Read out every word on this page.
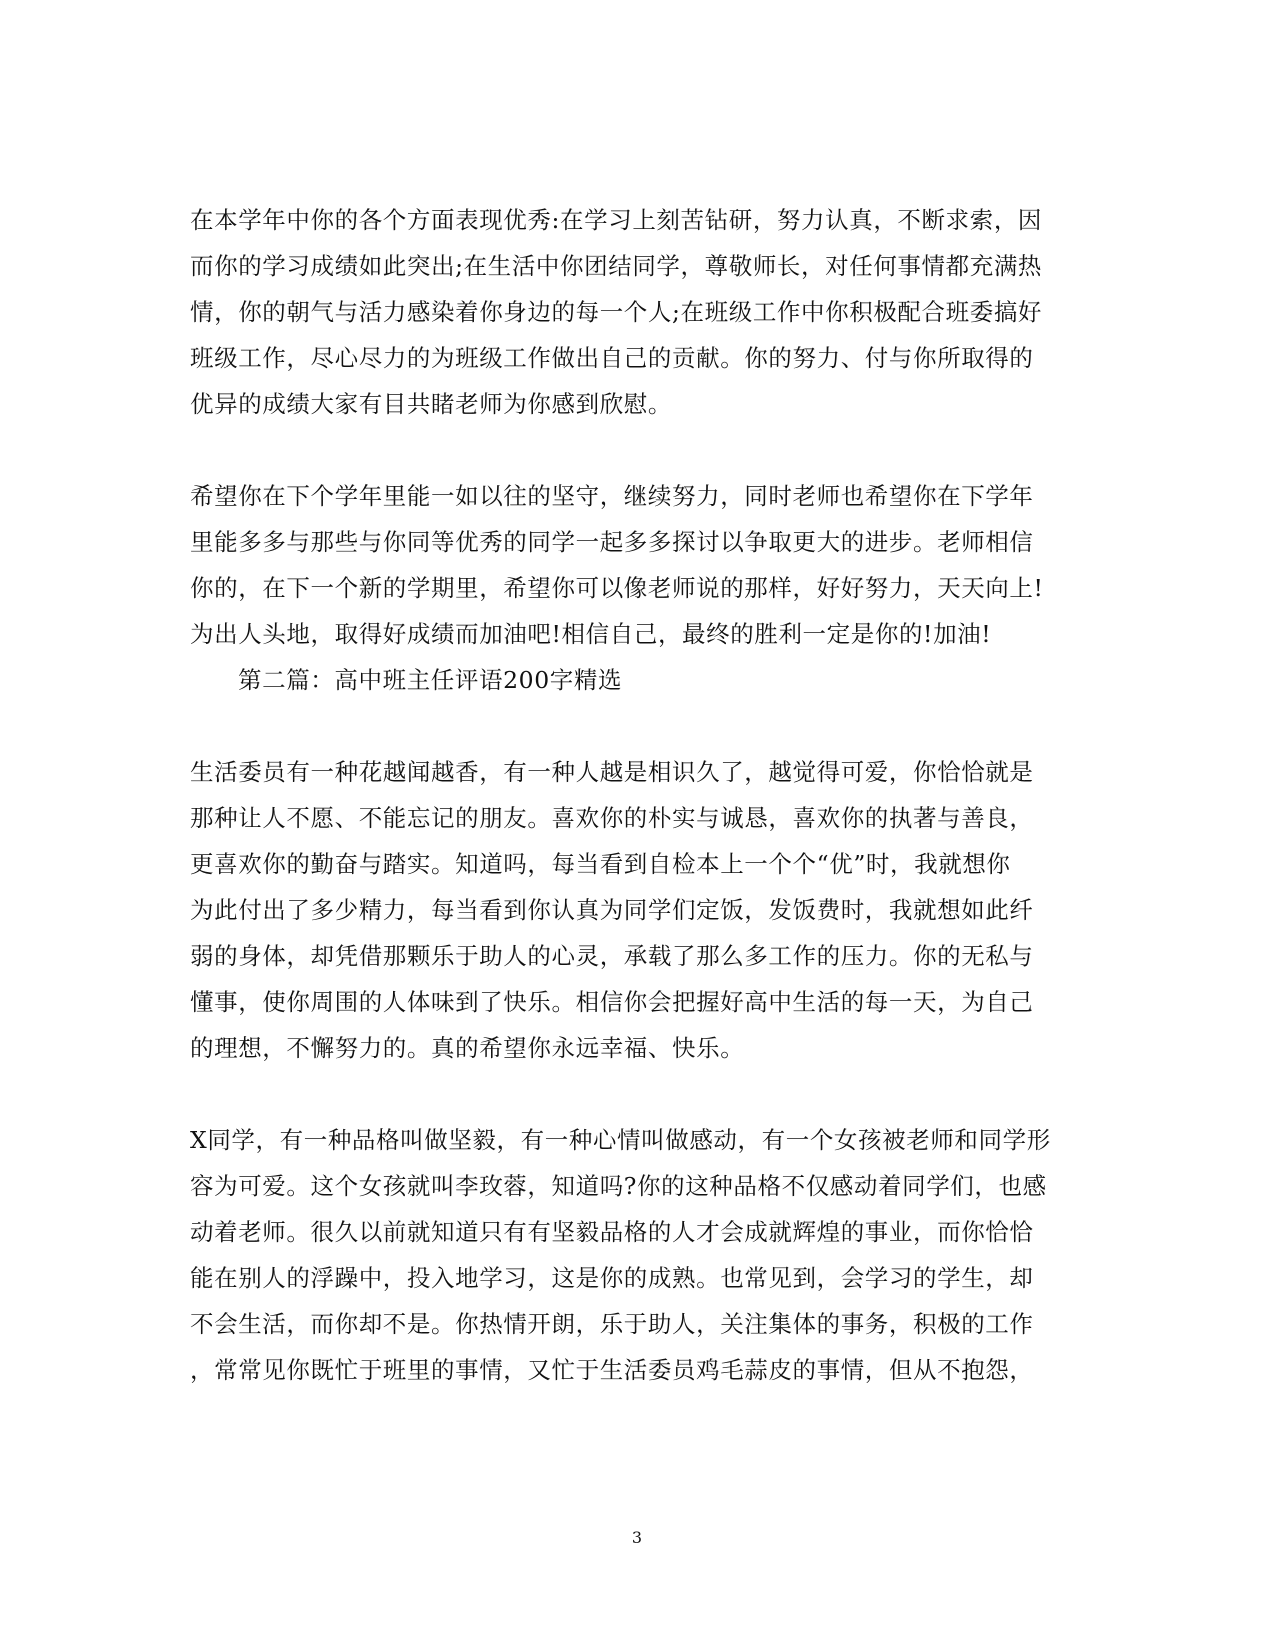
在本学年中你的各个方面表现优秀:在学习上刻苦钻研，努力认真，不断求索，因
而你的学习成绩如此突出;在生活中你团结同学，尊敬师长，对任何事情都充满热
情，你的朝气与活力感染着你身边的每一个人;在班级工作中你积极配合班委搞好
班级工作，尽心尽力的为班级工作做出自己的贡献。你的努力、付与你所取得的
优异的成绩大家有目共睹老师为你感到欣慰。
希望你在下个学年里能一如以往的坚守，继续努力，同时老师也希望你在下学年
里能多多与那些与你同等优秀的同学一起多多探讨以争取更大的进步。老师相信
你的，在下一个新的学期里，希望你可以像老师说的那样，好好努力，天天向上!
为出人头地，取得好成绩而加油吧!相信自己，最终的胜利一定是你的!加油!
第二篇：高中班主任评语200字精选
生活委员有一种花越闻越香，有一种人越是相识久了，越觉得可爱，你恰恰就是
那种让人不愿、不能忘记的朋友。喜欢你的朴实与诚恳，喜欢你的执著与善良，
更喜欢你的勤奋与踏实。知道吗，每当看到自检本上一个个“优”时，我就想你
为此付出了多少精力，每当看到你认真为同学们定饭，发饭费时，我就想如此纤
弱的身体，却凭借那颗乐于助人的心灵，承载了那么多工作的压力。你的无私与
懂事，使你周围的人体味到了快乐。相信你会把握好高中生活的每一天，为自己
的理想，不懈努力的。真的希望你永远幸福、快乐。
X同学，有一种品格叫做坚毅，有一种心情叫做感动，有一个女孩被老师和同学形
容为可爱。这个女孩就叫李玫蓉，知道吗?你的这种品格不仅感动着同学们，也感
动着老师。很久以前就知道只有有坚毅品格的人才会成就辉煌的事业，而你恰恰
能在别人的浮躁中，投入地学习，这是你的成熟。也常见到，会学习的学生，却
不会生活，而你却不是。你热情开朗，乐于助人，关注集体的事务，积极的工作
，常常见你既忙于班里的事情，又忙于生活委员鸡毛蒜皮的事情，但从不抱怨，
3
